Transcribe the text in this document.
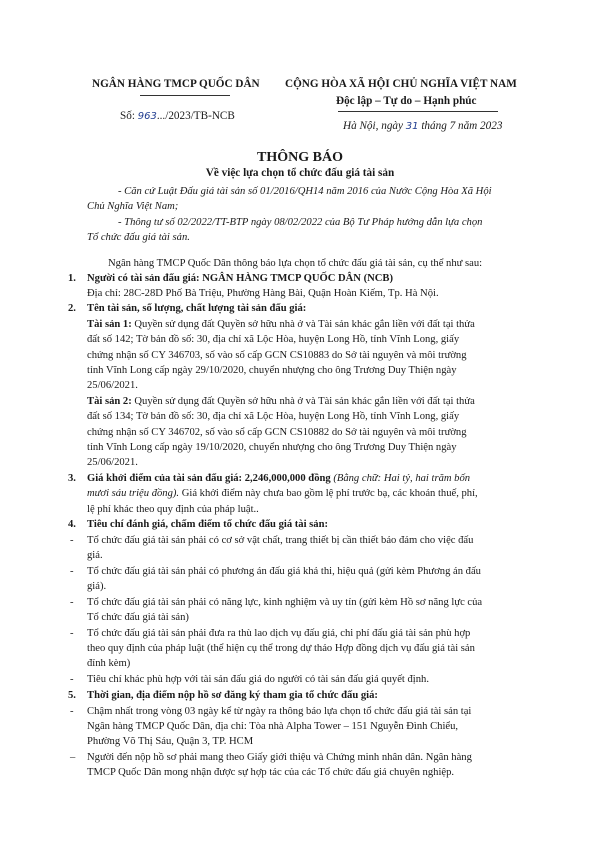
NGÂN HÀNG TMCP QUỐC DÂN
Số: 963.../2023/TB-NCB
CỘNG HÒA XÃ HỘI CHỦ NGHĨA VIỆT NAM
Độc lập – Tự do – Hạnh phúc
Hà Nội, ngày 31 tháng 7 năm 2023
THÔNG BÁO
Về việc lựa chọn tổ chức đấu giá tài sản
- Căn cứ Luật Đấu giá tài sản số 01/2016/QH14 năm 2016 của Nước Cộng Hòa Xã Hội
Chủ Nghĩa Việt Nam;
- Thông tư số 02/2022/TT-BTP ngày 08/02/2022 của Bộ Tư Pháp hướng dẫn lựa chọn
Tổ chức đấu giá tài sản.
Ngân hàng TMCP Quốc Dân thông báo lựa chọn tổ chức đấu giá tài sản, cụ thể như sau:
1. Người có tài sản đấu giá: NGÂN HÀNG TMCP QUỐC DÂN (NCB)
Địa chỉ: 28C-28D Phố Bà Triệu, Phường Hàng Bài, Quận Hoàn Kiếm, Tp. Hà Nội.
2. Tên tài sản, số lượng, chất lượng tài sản đấu giá:
Tài sản 1: Quyền sử dụng đất Quyền sở hữu nhà ở và Tài sản khác gắn liền với đất tại thửa
đất số 142; Tờ bản đồ số: 30, địa chỉ xã Lộc Hòa, huyện Long Hồ, tỉnh Vĩnh Long, giấy
chứng nhận số CY 346703, số vào số cấp GCN CS10883 do Sở tài nguyên và môi trường
tỉnh Vĩnh Long cấp ngày 29/10/2020, chuyển nhượng cho ông Trương Duy Thiện ngày
25/06/2021.
Tài sản 2: Quyền sử dụng đất Quyền sở hữu nhà ở và Tài sản khác gắn liền với đất tại thửa
đất số 134; Tờ bản đồ số: 30, địa chỉ xã Lộc Hòa, huyện Long Hồ, tỉnh Vĩnh Long, giấy
chứng nhận số CY 346702, số vào sổ cấp GCN CS10882 do Sở tài nguyên và môi trường
tỉnh Vĩnh Long cấp ngày 19/10/2020, chuyển nhượng cho ông Trương Duy Thiện ngày
25/06/2021.
3. Giá khởi điểm của tài sản đấu giá: 2,246,000,000 đồng (Bằng chữ: Hai tỷ, hai trăm bốn
mươi sáu triệu đồng). Giá khởi điểm này chưa bao gồm lệ phí trước bạ, các khoản thuế, phí,
lệ phí khác theo quy định của pháp luật..
4. Tiêu chí đánh giá, chấm điểm tổ chức đấu giá tài sản:
- Tổ chức đấu giá tài sản phải có cơ sở vật chất, trang thiết bị cần thiết bảo đảm cho việc đấu
giá.
- Tổ chức đấu giá tài sản phải có phương án đấu giá khả thi, hiệu quả (gửi kèm Phương án đấu
giá).
- Tổ chức đấu giá tài sản phải có năng lực, kinh nghiệm và uy tín (gửi kèm Hồ sơ năng lực của
Tổ chức đấu giá tài sản)
- Tổ chức đấu giá tài sản phải đưa ra thù lao dịch vụ đấu giá, chi phí đấu giá tài sản phù hợp
theo quy định của pháp luật (thể hiện cụ thể trong dự thảo Hợp đồng dịch vụ đấu giá tài sản
đính kèm)
- Tiêu chí khác phù hợp với tài sản đấu giá do người có tài sản đấu giá quyết định.
5. Thời gian, địa điểm nộp hồ sơ đăng ký tham gia tổ chức đấu giá:
- Chậm nhất trong vòng 03 ngày kể từ ngày ra thông báo lựa chọn tổ chức đấu giá tài sản tại
Ngân hàng TMCP Quốc Dân, địa chỉ: Tòa nhà Alpha Tower – 151 Nguyễn Đình Chiểu,
Phường Võ Thị Sáu, Quận 3, TP. HCM
– Người đến nộp hồ sơ phải mang theo Giấy giới thiệu và Chứng minh nhân dân. Ngân hàng
TMCP Quốc Dân mong nhận được sự hợp tác của các Tổ chức đấu giá chuyên nghiệp.
